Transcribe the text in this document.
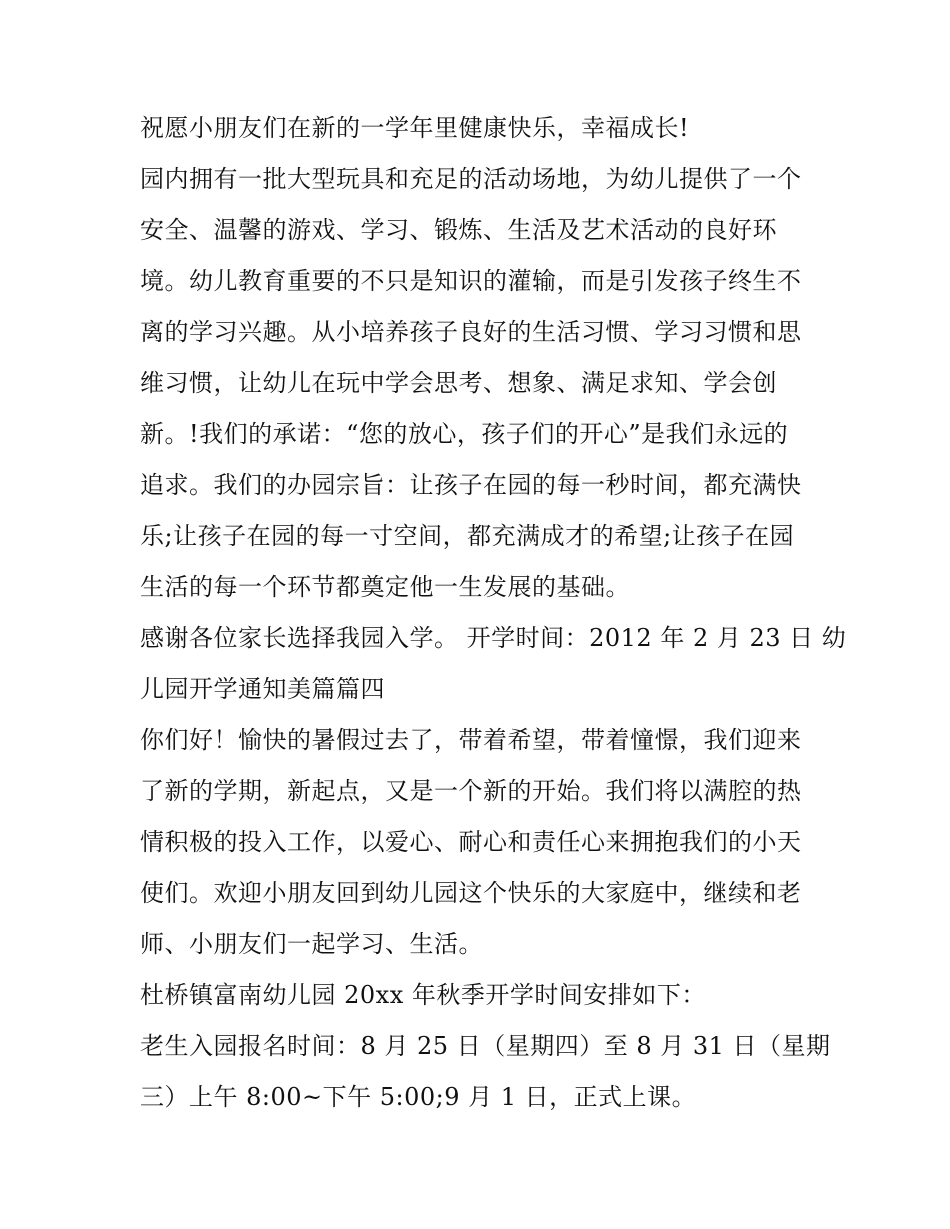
祝愿小朋友们在新的一学年里健康快乐，幸福成长!
园内拥有一批大型玩具和充足的活动场地，为幼儿提供了一个
安全、温馨的游戏、学习、锻炼、生活及艺术活动的良好环
境。幼儿教育重要的不只是知识的灌输，而是引发孩子终生不
离的学习兴趣。从小培养孩子良好的生活习惯、学习习惯和思
维习惯，让幼儿在玩中学会思考、想象、满足求知、学会创
新。!我们的承诺：“您的放心，孩子们的开心”是我们永远的
追求。我们的办园宗旨：让孩子在园的每一秒时间，都充满快
乐;让孩子在园的每一寸空间，都充满成才的希望;让孩子在园
生活的每一个环节都奠定他一生发展的基础。
感谢各位家长选择我园入学。 开学时间：2012 年 2 月 23 日 幼
儿园开学通知美篇篇四
你们好！愉快的暑假过去了，带着希望，带着憧憬，我们迎来
了新的学期，新起点，又是一个新的开始。我们将以满腔的热
情积极的投入工作，以爱心、耐心和责任心来拥抱我们的小天
使们。欢迎小朋友回到幼儿园这个快乐的大家庭中，继续和老
师、小朋友们一起学习、生活。
杜桥镇富南幼儿园 20xx 年秋季开学时间安排如下：
老生入园报名时间：8 月 25 日（星期四）至 8 月 31 日（星期
三）上午 8:00~下午 5:00;9 月 1 日，正式上课。
